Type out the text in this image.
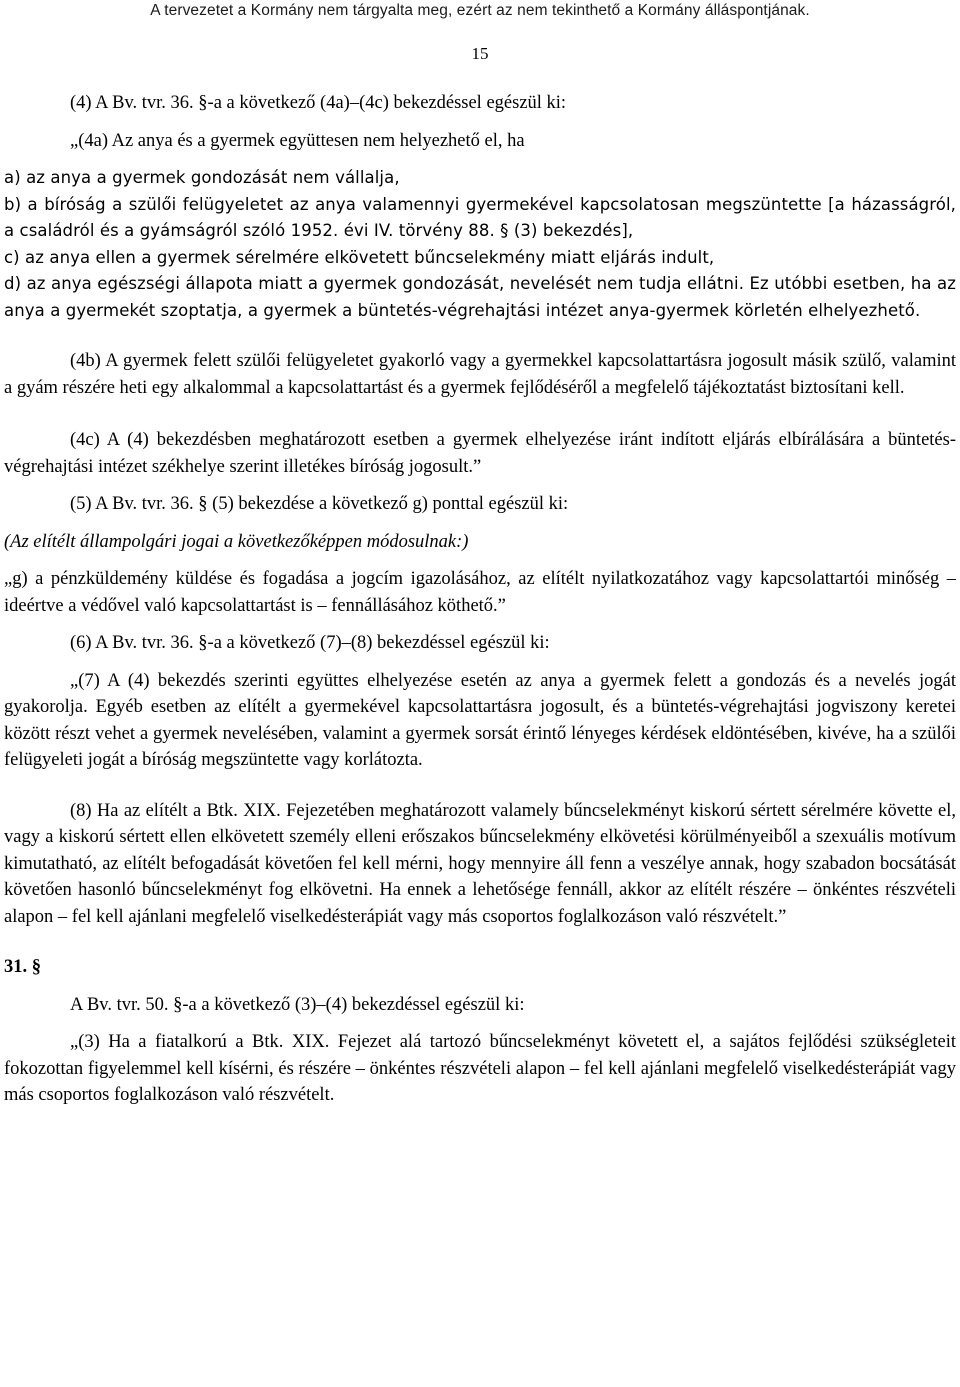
A tervezetet a Kormány nem tárgyalta meg, ezért az nem tekinthető a Kormány álláspontjának.
15

(4) A Bv. tvr. 36. §-a a következő (4a)–(4c) bekezdéssel egészül ki:

„(4a) Az anya és a gyermek együttesen nem helyezhető el, ha

a) az anya a gyermek gondozását nem vállalja,
b) a bíróság a szülői felügyeletet az anya valamennyi gyermekével kapcsolatosan megszüntette [a házasságról, a családról és a gyámságról szóló 1952. évi IV. törvény 88. § (3) bekezdés],
c) az anya ellen a gyermek sérelmére elkövetett bűncselekmény miatt eljárás indult,
d) az anya egészségi állapota miatt a gyermek gondozását, nevelését nem tudja ellátni. Ez utóbbi esetben, ha az anya a gyermekét szoptatja, a gyermek a büntetés-végrehajtási intézet anya-gyermek körletén elhelyezhető.

(4b) A gyermek felett szülői felügyeletet gyakorló vagy a gyermekkel kapcsolattartásra jogosult másik szülő, valamint a gyám részére heti egy alkalommal a kapcsolattartást és a gyermek fejlődéséről a megfelelő tájékoztatást biztosítani kell.

(4c) A (4) bekezdésben meghatározott esetben a gyermek elhelyezése iránt indított eljárás elbírálására a büntetés-végrehajtási intézet székhelye szerint illetékes bíróság jogosult.”

(5) A Bv. tvr. 36. § (5) bekezdése a következő g) ponttal egészül ki:

(Az elítélt állampolgári jogai a következőképpen módosulnak:)

„g) a pénzküldemény küldése és fogadása a jogcím igazolásához, az elítélt nyilatkozatához vagy kapcsolattartói minőség – ideértve a védővel való kapcsolattartást is – fennállásához köthető.”

(6) A Bv. tvr. 36. §-a a következő (7)–(8) bekezdéssel egészül ki:

„(7) A (4) bekezdés szerinti együttes elhelyezése esetén az anya a gyermek felett a gondozás és a nevelés jogát gyakorolja. Egyéb esetben az elítélt a gyermekével kapcsolattartásra jogosult, és a büntetés-végrehajtási jogviszony keretei között részt vehet a gyermek nevelésében, valamint a gyermek sorsát érintő lényeges kérdések eldöntésében, kivéve, ha a szülői felügyeleti jogát a bíróság megszüntette vagy korlátozta.

(8) Ha az elítélt a Btk. XIX. Fejezetében meghatározott valamely bűncselekményt kiskorú sértett sérelmére követte el, vagy a kiskorú sértett ellen elkövetett személy elleni erőszakos bűncselekmény elkövetési körülményeiből a szexuális motívum kimutatható, az elítélt befogadását követően fel kell mérni, hogy mennyire áll fenn a veszélye annak, hogy szabadon bocsátását követően hasonló bűncselekményt fog elkövetni. Ha ennek a lehetősége fennáll, akkor az elítélt részére – önkéntes részvételi alapon – fel kell ajánlani megfelelő viselkedésterápiát vagy más csoportos foglalkozáson való részvételt.”

31. §

A Bv. tvr. 50. §-a a következő (3)–(4) bekezdéssel egészül ki:

„(3) Ha a fiatalkorú a Btk. XIX. Fejezet alá tartozó bűncselekményt követett el, a sajátos fejlődési szükségleteit fokozottan figyelemmel kell kísérni, és részére – önkéntes részvételi alapon – fel kell ajánlani megfelelő viselkedésterápiát vagy más csoportos foglalkozáson való részvételt.
